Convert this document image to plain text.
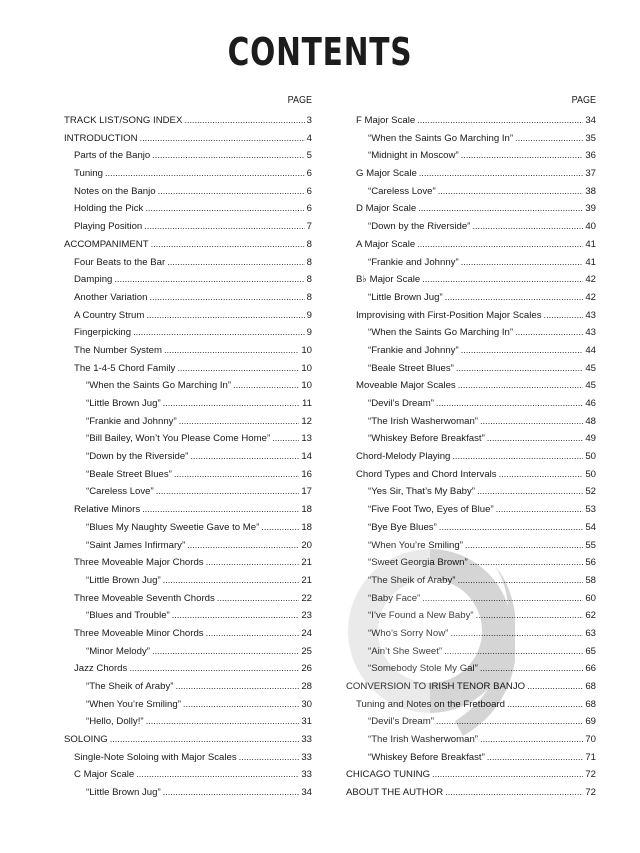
CONTENTS
PAGE
TRACK LIST/SONG INDEX . . .	3
INTRODUCTION . . .	4
Parts of the Banjo . . .	5
Tuning . . .	6
Notes on the Banjo . . .	6
Holding the Pick . . .	6
Playing Position . . .	7
ACCOMPANIMENT . . .	8
Four Beats to the Bar . . .	8
Damping . . .	8
Another Variation . . .	8
A Country Strum . . .	9
Fingerpicking . . .	9
The Number System . . .	10
The 1-4-5 Chord Family . . .	10
“When the Saints Go Marching In” . . .	10
“Little Brown Jug” . . .	11
“Frankie and Johnny” . . .	12
“Bill Bailey, Won’t You Please Come Home” . . .	13
“Down by the Riverside” . . .	14
“Beale Street Blues” . . .	16
“Careless Love” . . .	17
Relative Minors . . .	18
“Blues My Naughty Sweetie Gave to Me” . . .	18
“Saint James Infirmary” . . .	20
Three Moveable Major Chords . . .	21
“Little Brown Jug” . . .	21
Three Moveable Seventh Chords . . .	22
“Blues and Trouble” . . .	23
Three Moveable Minor Chords . . .	24
“Minor Melody” . . .	25
Jazz Chords . . .	26
“The Sheik of Araby” . . .	28
“When You’re Smiling” . . .	30
“Hello, Dolly!” . . .	31
SOLOING . . .	33
Single-Note Soloing with Major Scales . . .	33
C Major Scale . . .	33
“Little Brown Jug” . . .	34
PAGE
F Major Scale . . .	34
“When the Saints Go Marching In” . . .	35
“Midnight in Moscow” . . .	36
G Major Scale . . .	37
“Careless Love” . . .	38
D Major Scale . . .	39
“Down by the Riverside” . . .	40
A Major Scale . . .	41
“Frankie and Johnny” . . .	41
B♭ Major Scale . . .	42
“Little Brown Jug” . . .	42
Improvising with First-Position Major Scales . . .	43
“When the Saints Go Marching In” . . .	43
“Frankie and Johnny” . . .	44
“Beale Street Blues” . . .	45
Moveable Major Scales . . .	45
“Devil’s Dream” . . .	46
“The Irish Washerwoman” . . .	48
“Whiskey Before Breakfast” . . .	49
Chord-Melody Playing . . .	50
Chord Types and Chord Intervals . . .	50
“Yes Sir, That’s My Baby” . . .	52
“Five Foot Two, Eyes of Blue” . . .	53
“Bye Bye Blues” . . .	54
“When You’re Smiling” . . .	55
“Sweet Georgia Brown” . . .	56
“The Sheik of Araby” . . .	58
“Baby Face” . . .	60
“I’ve Found a New Baby” . . .	62
“Who’s Sorry Now” . . .	63
“Ain’t She Sweet” . . .	65
“Somebody Stole My Gal” . . .	66
CONVERSION TO IRISH TENOR BANJO . . .	68
Tuning and Notes on the Fretboard . . .	68
“Devil’s Dream” . . .	69
“The Irish Washerwoman” . . .	70
“Whiskey Before Breakfast” . . .	71
CHICAGO TUNING . . .	72
ABOUT THE AUTHOR . . .	72
